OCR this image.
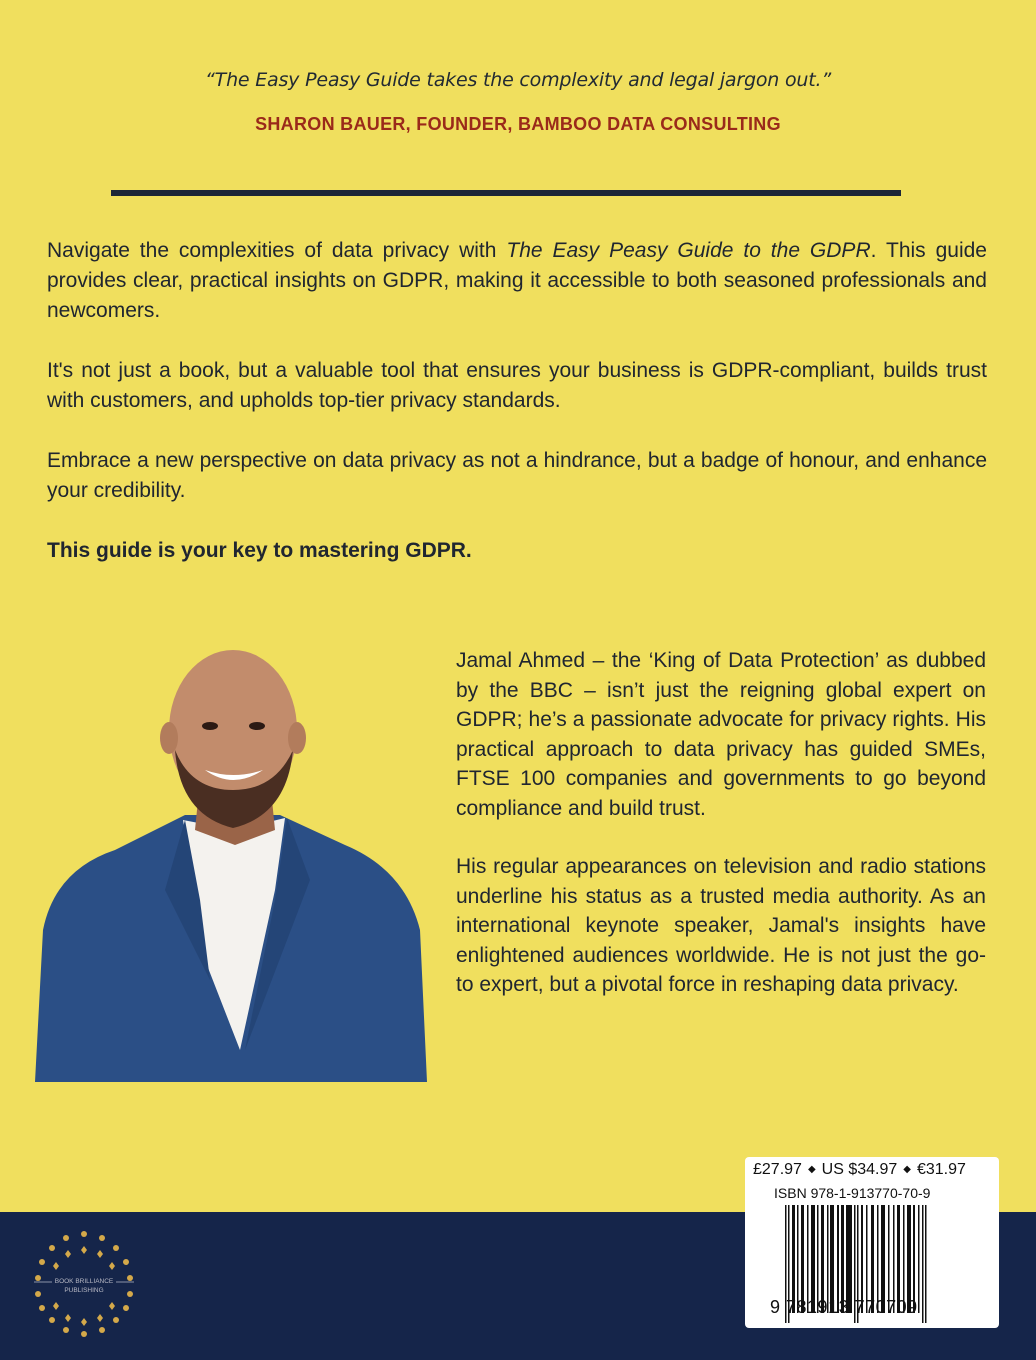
“The Easy Peasy Guide takes the complexity and legal jargon out.”
SHARON BAUER, FOUNDER, BAMBOO DATA CONSULTING

Navigate the complexities of data privacy with The Easy Peasy Guide to the GDPR. This guide provides clear, practical insights on GDPR, making it accessible to both seasoned professionals and newcomers.

It's not just a book, but a valuable tool that ensures your business is GDPR-compliant, builds trust with customers, and upholds top-tier privacy standards.

Embrace a new perspective on data privacy as not a hindrance, but a badge of honour, and enhance your credibility.

This guide is your key to mastering GDPR.

Jamal Ahmed – the ‘King of Data Protection’ as dubbed by the BBC – isn’t just the reigning global expert on GDPR; he’s a passionate advocate for privacy rights. His practical approach to data privacy has guided SMEs, FTSE 100 companies and governments to go beyond compliance and build trust.

His regular appearances on television and radio stations underline his status as a trusted media authority. As an international keynote speaker, Jamal's insights have enlightened audiences worldwide. He is not just the go-to expert, but a pivotal force in reshaping data privacy.

BOOK BRILLIANCE
PUBLISHING
£27.97 ◆ US $34.97 ◆ €31.97
ISBN 978-1-913770-70-9
9 781913 770709
